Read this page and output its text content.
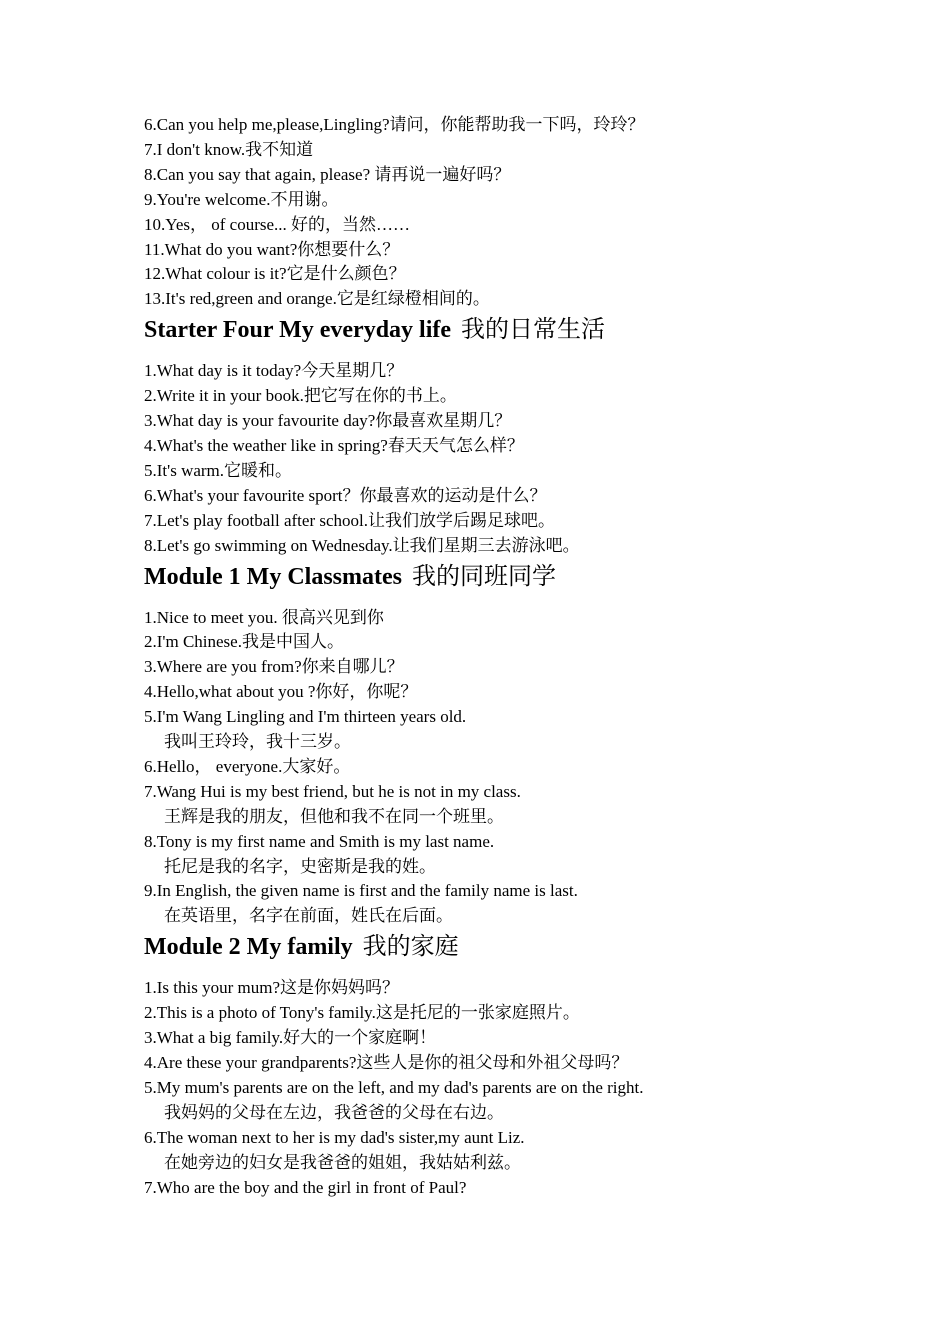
6.Can you help me,please,Lingling?请问，你能帮助我一下吗，玲玲？
7.I don't know.我不知道
8.Can you say that again, please? 请再说一遍好吗？
9.You're welcome.不用谢。
10.Yes， of course... 好的，当然……
11.What do you want?你想要什么？
12.What colour is it?它是什么颜色？
13.It's red,green and orange.它是红绿橙相间的。
Starter Four My everyday life 我的日常生活
1.What day is it today?今天星期几？
2.Write it in your book.把它写在你的书上。
3.What day is your favourite day?你最喜欢星期几？
4.What's the weather like in spring?春天天气怎么样？
5.It's warm.它暖和。
6.What's your favourite sport？你最喜欢的运动是什么？
7.Let's play football after school.让我们放学后踢足球吧。
8.Let's go swimming on Wednesday.让我们星期三去游泳吧。
Module 1 My Classmates 我的同班同学
1.Nice to meet you. 很高兴见到你
2.I'm Chinese.我是中国人。
3.Where are you from?你来自哪儿？
4.Hello,what about you ?你好，你呢？
5.I'm Wang Lingling and I'm thirteen years old.
我叫王玲玲，我十三岁。
6.Hello， everyone.大家好。
7.Wang Hui is my best friend, but he is not in my class.
王辉是我的朋友，但他和我不在同一个班里。
8.Tony is my first name and Smith is my last name.
托尼是我的名字，史密斯是我的姓。
9.In English, the given name is first and the family name is last.
在英语里，名字在前面，姓氏在后面。
Module 2 My family 我的家庭
1.Is this your mum?这是你妈妈吗？
2.This is a photo of Tony's family.这是托尼的一张家庭照片。
3.What a big family.好大的一个家庭啊！
4.Are these your grandparents?这些人是你的祖父母和外祖父母吗？
5.My mum's parents are on the left, and my dad's parents are on the right.
我妈妈的父母在左边，我爸爸的父母在右边。
6.The woman next to her is my dad's sister,my aunt Liz.
在她旁边的妇女是我爸爸的姐姐，我姑姑利兹。
7.Who are the boy and the girl in front of Paul?
